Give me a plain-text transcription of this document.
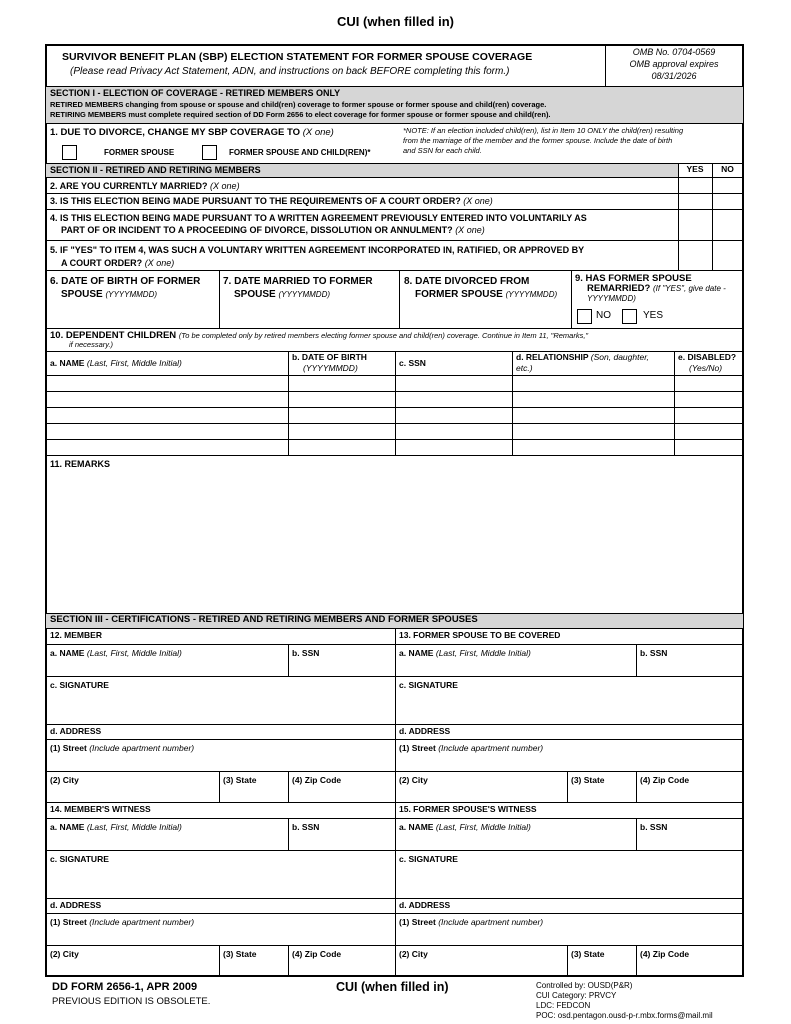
CUI (when filled in)
SURVIVOR BENEFIT PLAN (SBP) ELECTION STATEMENT FOR FORMER SPOUSE COVERAGE
(Please read Privacy Act Statement, ADN, and instructions on back BEFORE completing this form.)
OMB No. 0704-0569
OMB approval expires
08/31/2026
SECTION I - ELECTION OF COVERAGE - RETIRED MEMBERS ONLY
RETIRED MEMBERS changing from spouse or spouse and child(ren) coverage to former spouse or former spouse and child(ren) coverage.
RETIRING MEMBERS must complete required section of DD Form 2656 to elect coverage for former spouse or former spouse and child(ren).
1. DUE TO DIVORCE, CHANGE MY SBP COVERAGE TO (X one)
FORMER SPOUSE	FORMER SPOUSE AND CHILD(REN)*
*NOTE: If an election included child(ren), list in Item 10 ONLY the child(ren) resulting
from the marriage of the member and the former spouse. Include the date of birth
and SSN for each child.
SECTION II - RETIRED AND RETIRING MEMBERS	YES	NO
2. ARE YOU CURRENTLY MARRIED? (X one)
3. IS THIS ELECTION BEING MADE PURSUANT TO THE REQUIREMENTS OF A COURT ORDER? (X one)
4. IS THIS ELECTION BEING MADE PURSUANT TO A WRITTEN AGREEMENT PREVIOUSLY ENTERED INTO VOLUNTARILY AS
PART OF OR INCIDENT TO A PROCEEDING OF DIVORCE, DISSOLUTION OR ANNULMENT? (X one)
5. IF "YES" TO ITEM 4, WAS SUCH A VOLUNTARY WRITTEN AGREEMENT INCORPORATED IN, RATIFIED, OR APPROVED BY
A COURT ORDER? (X one)
6. DATE OF BIRTH OF FORMER
SPOUSE (YYYYMMDD)
7. DATE MARRIED TO FORMER
SPOUSE (YYYYMMDD)
8. DATE DIVORCED FROM
FORMER SPOUSE (YYYYMMDD)
9. HAS FORMER SPOUSE
REMARRIED? (If "YES", give date -
YYYYMMDD)
NO	YES
10. DEPENDENT CHILDREN (To be completed only by retired members electing former spouse and child(ren) coverage. Continue in Item 11, "Remarks,"
if necessary.)
a. NAME (Last, First, Middle Initial)
b. DATE OF BIRTH
(YYYYMMDD)	c. SSN
d. RELATIONSHIP (Son, daughter,
etc.)
e. DISABLED?
(Yes/No)
11. REMARKS
SECTION III - CERTIFICATIONS - RETIRED AND RETIRING MEMBERS AND FORMER SPOUSES
12. MEMBER	13. FORMER SPOUSE TO BE COVERED
a. NAME (Last, First, Middle Initial)	b. SSN	a. NAME (Last, First, Middle Initial)	b. SSN
c. SIGNATURE	c. SIGNATURE
d. ADDRESS	d. ADDRESS
(1) Street (Include apartment number)	(1) Street (Include apartment number)
(2) City	(3) State	(4) Zip Code	(2) City	(3) State	(4) Zip Code
14. MEMBER'S WITNESS	15. FORMER SPOUSE'S WITNESS
a. NAME (Last, First, Middle Initial)	b. SSN	a. NAME (Last, First, Middle Initial)	b. SSN
c. SIGNATURE	c. SIGNATURE
d. ADDRESS	d. ADDRESS
(1) Street (Include apartment number)	(1) Street (Include apartment number)
(2) City	(3) State	(4) Zip Code	(2) City	(3) State	(4) Zip Code
DD FORM 2656-1, APR 2009
PREVIOUS EDITION IS OBSOLETE.
CUI (when filled in)	Controlled by: OUSD(P&R)
CUI Category: PRVCY
LDC: FEDCON
POC: osd.pentagon.ousd-p-r.mbx.forms@mail.mil
